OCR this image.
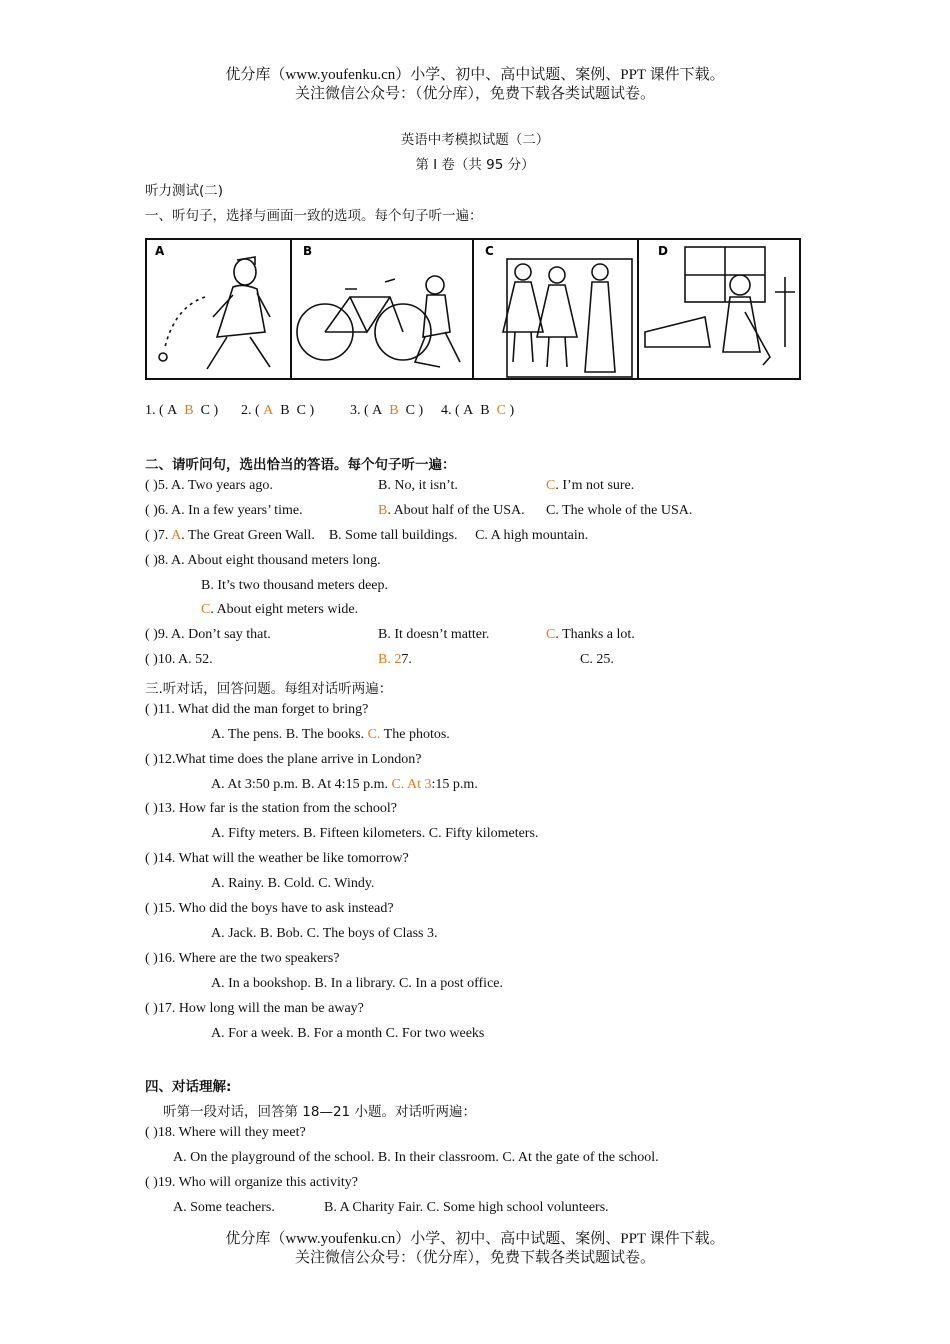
优分库（www.youfenku.cn）小学、初中、高中试题、案例、PPT 课件下载。
关注微信公众号：（优分库），免费下载各类试题试卷。
英语中考模拟试题（二）
第 I 卷（共 95 分）
听力测试(二)
一、听句子，选择与画面一致的选项。每个句子听一遍：
A	B	C	D
1. ( A B C ) 2. ( A B C )	3. ( A B C ) 4. ( A B C )
二、请听问句，选出恰当的答语。每个句子听一遍：
( )5. A. Two years ago.	B. No, it isn’t.	C. I’m not sure.
( )6. A. In a few years’ time.	B. About half of the USA. C. The whole of the USA.
( )7. A. The Great Green Wall. B. Some tall buildings. C. A high mountain.
( )8. A. About eight thousand meters long.
B. It’s two thousand meters deep.
C. About eight meters wide.
( )9. A. Don’t say that.	B. It doesn’t matter.	C. Thanks a lot.
( )10. A. 52.	B. 27.	C. 25.
三.听对话，回答问题。每组对话听两遍：
( )11. What did the man forget to bring?
A. The pens. B. The books. C. The photos.
( )12.What time does the plane arrive in London?
A. At 3:50 p.m. B. At 4:15 p.m. C. At 3:15 p.m.
( )13. How far is the station from the school?
A. Fifty meters. B. Fifteen kilometers. C. Fifty kilometers.
( )14. What will the weather be like tomorrow?
A. Rainy. B. Cold. C. Windy.
( )15. Who did the boys have to ask instead?
A. Jack. B. Bob. C. The boys of Class 3.
( )16. Where are the two speakers?
A. In a bookshop. B. In a library. C. In a post office.
( )17. How long will the man be away?
A. For a week. B. For a month C. For two weeks
四、对话理解:
听第一段对话，回答第 18—21 小题。对话听两遍：
( )18. Where will they meet?
A. On the playground of the school. B. In their classroom. C. At the gate of the school.
( )19. Who will organize this activity?
A. Some teachers.	B. A Charity Fair. C. Some high school volunteers.
优分库（www.youfenku.cn）小学、初中、高中试题、案例、PPT 课件下载。
关注微信公众号：（优分库），免费下载各类试题试卷。
